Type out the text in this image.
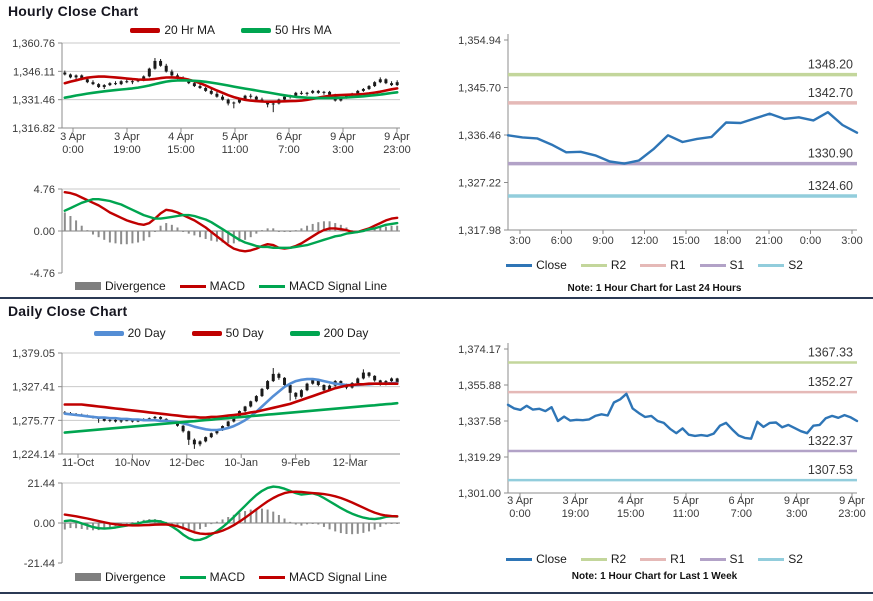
Hourly Close Chart
20 Hr MA	50 Hrs MA
1,360.76
1,346.11
1,331.46
1,316.82
3 Apr
0:00
3 Apr
19:00
4 Apr
15:00
5 Apr
11:00
6 Apr
7:00
9 Apr
3:00
9 Apr
23:00
4.76
0.00
-4.76
Divergence	MACD	MACD Signal Line
1,354.94
1,345.70
1,336.46
1,327.22
1,317.98
3:00 6:00 9:00 12:00 15:00 18:00 21:00 0:00 3:00
1348.20
1342.70
1330.90
1324.60
Close	R2	R1	S1	S2
Note: 1 Hour Chart for Last 24 Hours
Daily Close Chart
20 Day	50 Day	200 Day
1,379.05
1,327.41
1,275.77
1,224.14
11-Oct 10-Nov 12-Dec 10-Jan 9-Feb 12-Mar
21.44
0.00
-21.44
Divergence	MACD	MACD Signal Line
1,374.17
1,355.88
1,337.58
1,319.29
1,301.00
3 Apr
0:00
3 Apr
19:00
4 Apr
15:00
5 Apr
11:00
6 Apr
7:00
9 Apr
3:00
9 Apr
23:00
1367.33
1352.27
1322.37
1307.53
Close	R2	R1	S1	S2
Note: 1 Hour Chart for Last 1 Week
